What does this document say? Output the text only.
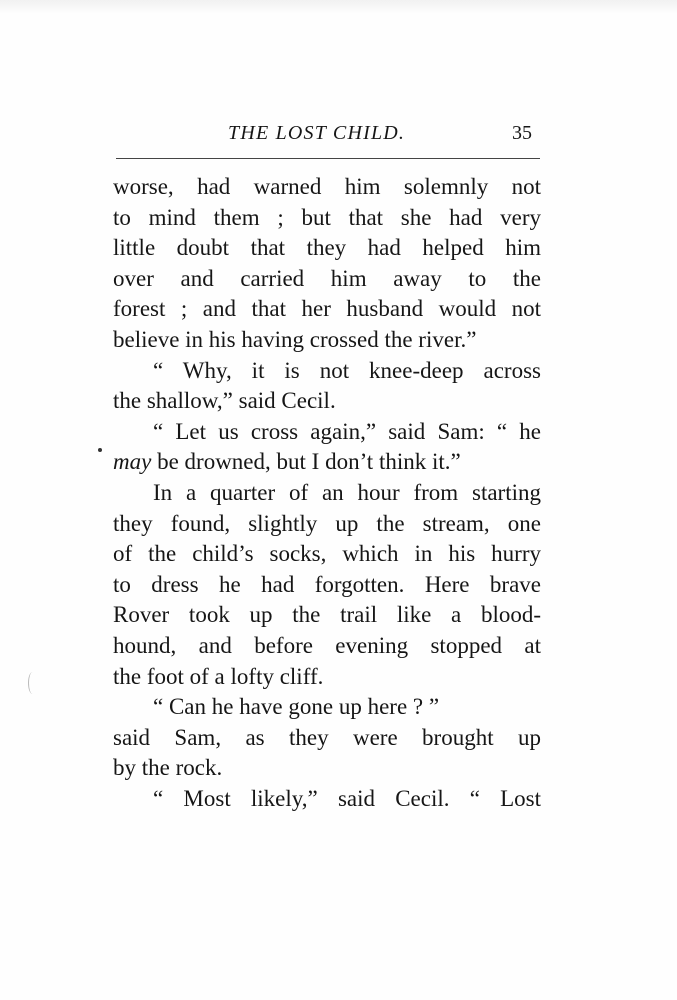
THE LOST CHILD.	35
worse, had warned him solemnly not
to mind them ; but that she had very
little doubt that they had helped him
over and carried him away to the
forest ; and that her husband would not
believe in his having crossed the river.”
“ Why, it is not knee-deep across
the shallow,” said Cecil.
“ Let us cross again,” said Sam: “ he
may be drowned, but I don’t think it.”
In a quarter of an hour from starting
they found, slightly up the stream, one
of the child’s socks, which in his hurry
to dress he had forgotten. Here brave
Rover took up the trail like a blood-
hound, and before evening stopped at
the foot of a lofty cliff.
“ Can he have gone up here ? ”
said Sam, as they were brought up
by the rock.
“ Most likely,” said Cecil. “ Lost
